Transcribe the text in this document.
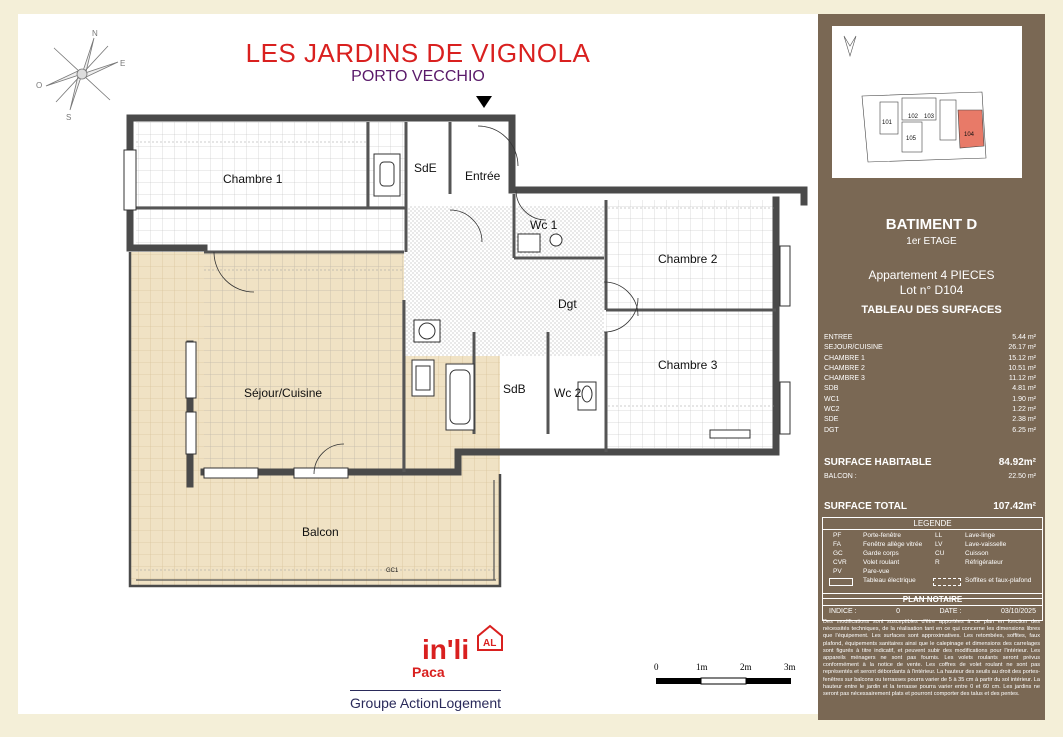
LES JARDINS DE VIGNOLA
PORTO VECCHIO
N
E
S
O
Chambre 1
SdE
Entrée
Wc 1
Chambre 2
Dgt
Chambre 3
Séjour/Cuisine	SdB Wc 2
Balcon
GC1
0	1m	2m	3m
in'li AL
Paca
Groupe ActionLogement
101
102 103
104
105
BATIMENT D
1er ETAGE
Appartement 4 PIECES
Lot n° D104
TABLEAU DES SURFACES
ENTREE	5.44 m²
SEJOUR/CUISINE	26.17 m²
CHAMBRE 1	15.12 m²
CHAMBRE 2	10.51 m²
CHAMBRE 3	11.12 m²
SDB	4.81 m²
WC1	1.90 m²
WC2	1.22 m²
SDE	2.38 m²
DGT	6.25 m²
SURFACE HABITABLE	84.92m²
BALCON :	22.50 m²
SURFACE TOTAL	107.42m²
LEGENDE
PF	Porte-fenêtre	LL	Lave-linge
FA	Fenêtre allège vitrée LV	Lave-vaisselle
GC	Garde corps	CU	Cuisson
CVR	Volet roulant	R	Réfrigérateur
PV	Pare-vue
Tableau électrique	Soffites et faux-plafond
PLAN NOTAIRE
INDICE :	0	DATE :	03/10/2025
Des modifications sont susceptibles d'être apportées à ce plan en fonction des nécessités techniques, de la réalisation tant en ce qui concerne les dimensions libres que l'équipement. Les surfaces sont approximatives. Les retombées, soffites, faux plafond, équipements sanitaires ainsi que le calepinage et dimensions des carrelages sont figurés à titre indicatif, et peuvent subir des modifications pour l'intérieur. Les appareils ménagers ne sont pas fournis. Les volets roulants seront prévus conformément à la notice de vente. Les coffres de volet roulant ne sont pas représentés et seront débordants à l'intérieur. La hauteur des seuils au droit des portes-fenêtres sur balcons ou terrasses pourra varier de 5 à 35 cm à partir du sol intérieur. La hauteur entre le jardin et la terrasse pourra varier entre 0 et 60 cm. Les jardins ne seront pas nécessairement plats et pourront comporter des talus et des pentes.
